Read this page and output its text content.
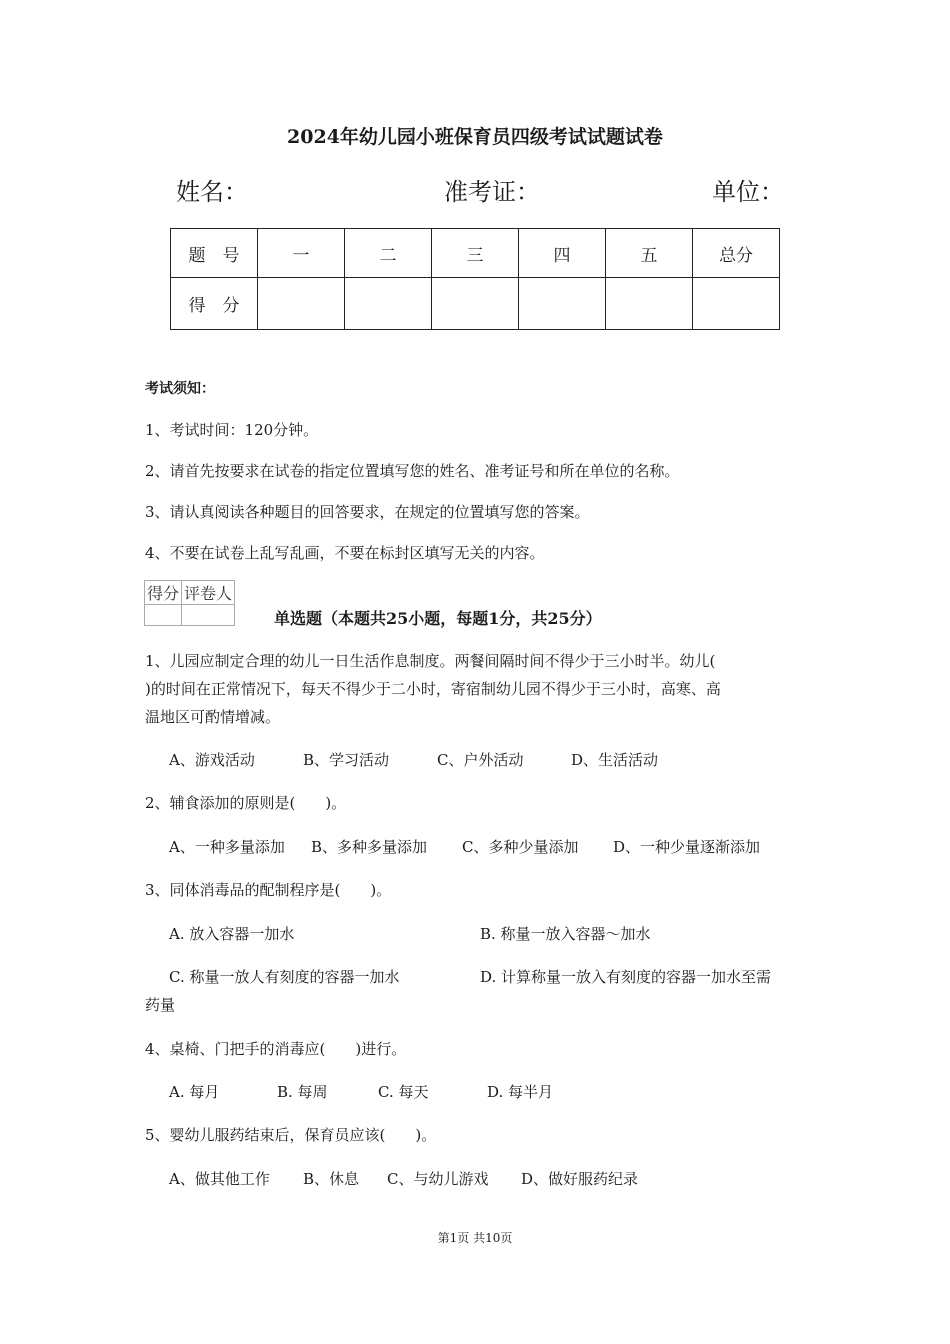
2024年幼儿园小班保育员四级考试试题试卷
姓名：	准考证：	单位：
题　号	一	二	三	四	五	总分
得　分						
考试须知：
1、考试时间：120分钟。
2、请首先按要求在试卷的指定位置填写您的姓名、准考证号和所在单位的名称。
3、请认真阅读各种题目的回答要求，在规定的位置填写您的答案。
4、不要在试卷上乱写乱画，不要在标封区填写无关的内容。
得分	评卷人

单选题（本题共25小题，每题1分，共25分）
1、儿园应制定合理的幼儿一日生活作息制度。两餐间隔时间不得少于三小时半。幼儿(
)的时间在正常情况下，每天不得少于二小时，寄宿制幼儿园不得少于三小时，高寒、高
温地区可酌情增减。
A、游戏活动	B、学习活动	C、户外活动	D、生活活动
2、辅食添加的原则是(　　)。
A、一种多量添加 B、多种多量添加 C、多种少量添加 D、一种少量逐渐添加
3、同体消毒品的配制程序是(　　)。
A. 放入容器一加水	B. 称量一放入容器～加水
C. 称量一放人有刻度的容器一加水	D. 计算称量一放入有刻度的容器一加水至需
药量
4、桌椅、门把手的消毒应(　　)进行。
A. 每月	B. 每周	C. 每天	D. 每半月
5、婴幼儿服药结束后，保育员应该(　　)。
A、做其他工作 B、休息 C、与幼儿游戏 D、做好服药纪录
第1页 共10页
